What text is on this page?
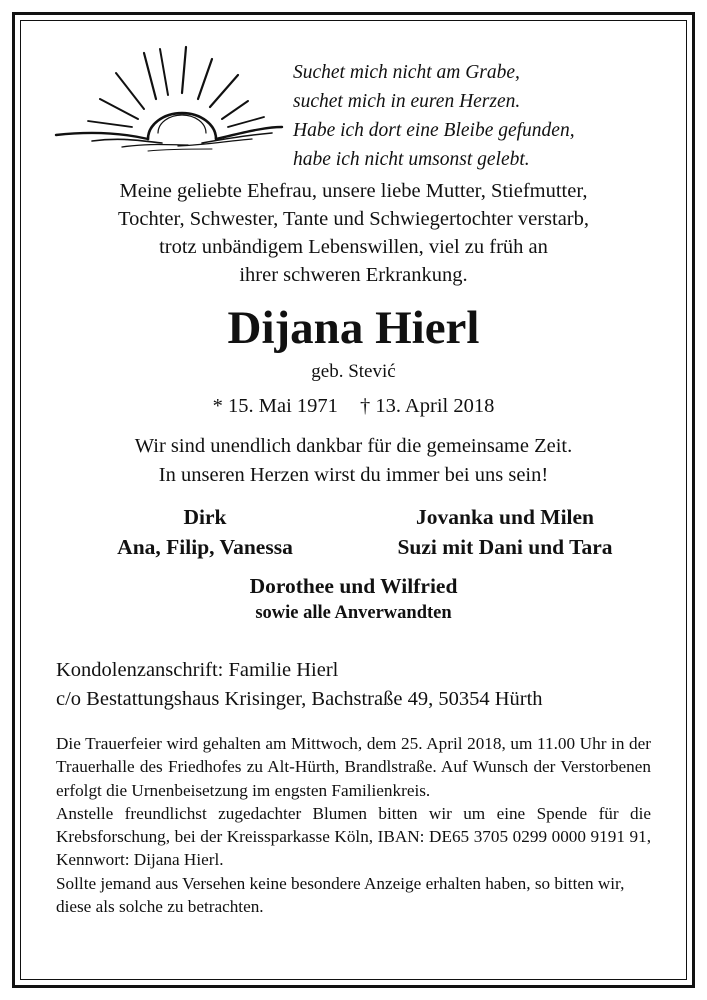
Suchet mich nicht am Grabe,
suchet mich in euren Herzen.
Habe ich dort eine Bleibe gefunden,
habe ich nicht umsonst gelebt.
Meine geliebte Ehefrau, unsere liebe Mutter, Stiefmutter,
Tochter, Schwester, Tante und Schwiegertochter verstarb,
trotz unbändigem Lebenswillen, viel zu früh an
ihrer schweren Erkrankung.
Dijana Hierl
geb. Stević
* 15. Mai 1971 † 13. April 2018
Wir sind unendlich dankbar für die gemeinsame Zeit.
In unseren Herzen wirst du immer bei uns sein!
Dirk
Ana, Filip, Vanessa
Jovanka und Milen
Suzi mit Dani und Tara
Dorothee und Wilfried
sowie alle Anverwandten
Kondolenzanschrift: Familie Hierl
c/o Bestattungshaus Krisinger, Bachstraße 49, 50354 Hürth

Die Trauerfeier wird gehalten am Mittwoch, dem 25. April 2018, um 11.00 Uhr in der Trauerhalle des Friedhofes zu Alt-Hürth, Brandlstraße. Auf Wunsch der Verstorbenen erfolgt die Urnenbeisetzung im engsten Familienkreis.

Anstelle freundlichst zugedachter Blumen bitten wir um eine Spende für die Krebsforschung, bei der Kreissparkasse Köln, IBAN: DE65 3705 0299 0000 9191 91, Kennwort: Dijana Hierl.

Sollte jemand aus Versehen keine besondere Anzeige erhalten haben, so bitten wir, diese als solche zu betrachten.
